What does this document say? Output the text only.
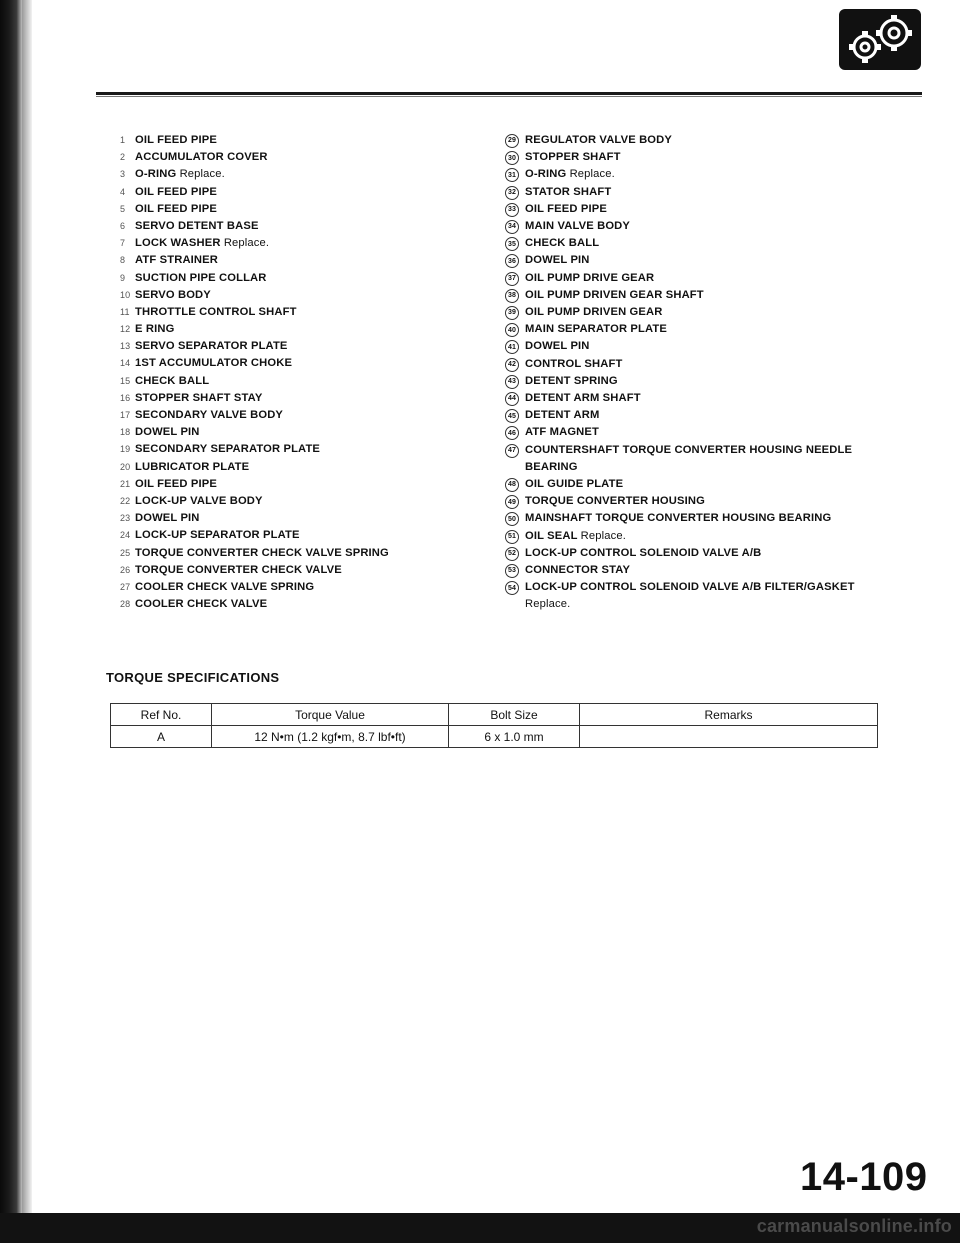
1 OIL FEED PIPE
2 ACCUMULATOR COVER
3 O-RING Replace.
4 OIL FEED PIPE
5 OIL FEED PIPE
6 SERVO DETENT BASE
7 LOCK WASHER Replace.
8 ATF STRAINER
9 SUCTION PIPE COLLAR
10 SERVO BODY
11 THROTTLE CONTROL SHAFT
12 E RING
13 SERVO SEPARATOR PLATE
14 1ST ACCUMULATOR CHOKE
15 CHECK BALL
16 STOPPER SHAFT STAY
17 SECONDARY VALVE BODY
18 DOWEL PIN
19 SECONDARY SEPARATOR PLATE
20 LUBRICATOR PLATE
21 OIL FEED PIPE
22 LOCK-UP VALVE BODY
23 DOWEL PIN
24 LOCK-UP SEPARATOR PLATE
25 TORQUE CONVERTER CHECK VALVE SPRING
26 TORQUE CONVERTER CHECK VALVE
27 COOLER CHECK VALVE SPRING
28 COOLER CHECK VALVE
29 REGULATOR VALVE BODY
30 STOPPER SHAFT
31 O-RING Replace.
32 STATOR SHAFT
33 OIL FEED PIPE
34 MAIN VALVE BODY
35 CHECK BALL
36 DOWEL PIN
37 OIL PUMP DRIVE GEAR
38 OIL PUMP DRIVEN GEAR SHAFT
39 OIL PUMP DRIVEN GEAR
40 MAIN SEPARATOR PLATE
41 DOWEL PIN
42 CONTROL SHAFT
43 DETENT SPRING
44 DETENT ARM SHAFT
45 DETENT ARM
46 ATF MAGNET
47 COUNTERSHAFT TORQUE CONVERTER HOUSING NEEDLE BEARING
48 OIL GUIDE PLATE
49 TORQUE CONVERTER HOUSING
50 MAINSHAFT TORQUE CONVERTER HOUSING BEARING
51 OIL SEAL Replace.
52 LOCK-UP CONTROL SOLENOID VALVE A/B
53 CONNECTOR STAY
54 LOCK-UP CONTROL SOLENOID VALVE A/B FILTER/GASKET Replace.
TORQUE SPECIFICATIONS
Ref No.	Torque Value	Bolt Size	Remarks
A	12 N•m (1.2 kgf•m, 8.7 lbf•ft)	6 x 1.0 mm	
14-109
carmanualsonline.info
